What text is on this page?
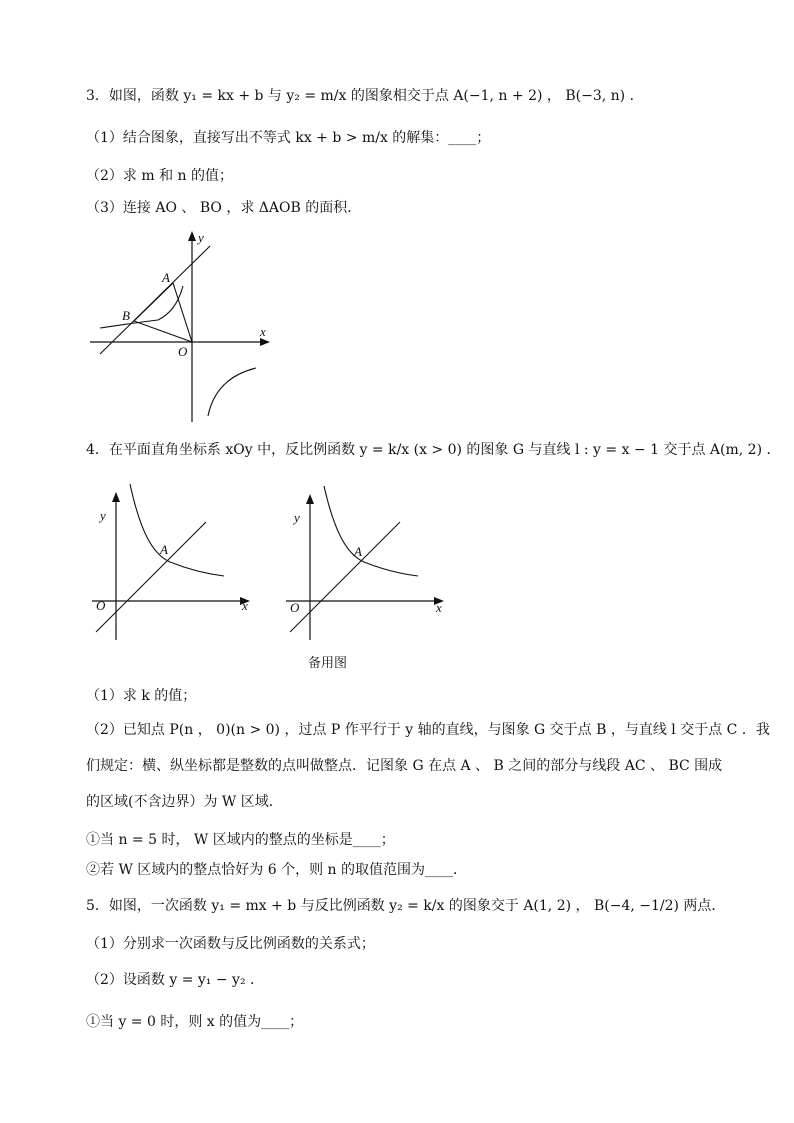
3．如图，函数 y₁ = kx + b 与 y₂ = m/x 的图象相交于点 A(−1, n + 2) ， B(−3, n) ．
（1）结合图象，直接写出不等式 kx + b > m/x 的解集：____；
（2）求 m 和 n 的值；
（3）连接 AO 、 BO ，求 ΔAOB 的面积．
y
x
A
B
O
4．在平面直角坐标系 xOy 中，反比例函数 y = k/x (x > 0) 的图象 G 与直线 l : y = x − 1 交于点 A(m, 2) ．
y
x
A
O
y
x
A
O
备用图
（1）求 k 的值；
（2）已知点 P(n ， 0)(n > 0) ，过点 P 作平行于 y 轴的直线，与图象 G 交于点 B ，与直线 l 交于点 C ．我
们规定：横、纵坐标都是整数的点叫做整点．记图象 G 在点 A 、 B 之间的部分与线段 AC 、 BC 围成
的区域(不含边界）为 W 区域．
①当 n = 5 时， W 区域内的整点的坐标是____；
②若 W 区域内的整点恰好为 6 个，则 n 的取值范围为____．
5．如图，一次函数 y₁ = mx + b 与反比例函数 y₂ = k/x 的图象交于 A(1, 2) ， B(−4, −1/2) 两点．
（1）分别求一次函数与反比例函数的关系式；
（2）设函数 y = y₁ − y₂ ．
①当 y = 0 时，则 x 的值为____；
